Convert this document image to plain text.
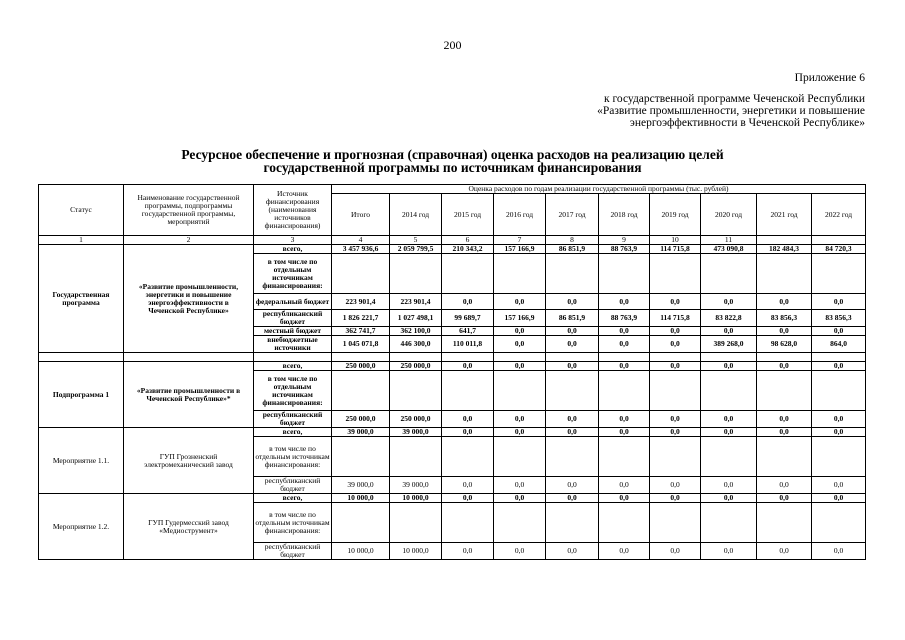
200
Приложение 6
к государственной программе Чеченской Республики
«Развитие промышленности, энергетики и повышение
энергоэффективности в Чеченской Республике»
Ресурсное обеспечение и прогнозная (справочная) оценка расходов на реализацию целей
государственной программы по источникам финансирования
Статус	Наименование государственной программы, подпрограммы государственной программы, мероприятий	Источник финансирования (наименования источников финансирования)	Оценка расходов по годам реализации государственной программы (тыс. рублей)									
			Итого	2014 год	2015 год	2016 год	2017 год	2018 год	2019 год	2020 год	2021 год	2022 год
1	2	3	4	5	6	7	8	9	10	11		
Государственная программа	«Развитие промышленности, энергетики и повышение энергоэффективности в Чеченской Республике»	всего,	3 457 936,6	2 059 799,5	210 343,2	157 166,9	86 851,9	88 763,9	114 715,8	473 090,8	182 484,3	84 720,3
		в том числе по отдельным источникам финансирования:										
		федеральный бюджет	223 901,4	223 901,4	0,0	0,0	0,0	0,0	0,0	0,0	0,0	0,0
		республиканский бюджет	1 826 221,7	1 027 498,1	99 689,7	157 166,9	86 851,9	88 763,9	114 715,8	83 822,8	83 856,3	83 856,3
		местный бюджет	362 741,7	362 100,0	641,7	0,0	0,0	0,0	0,0	0,0	0,0	0,0
		внебюджетные источники	1 045 071,8	446 300,0	110 011,8	0,0	0,0	0,0	0,0	389 268,0	98 628,0	864,0

Подпрограмма 1	«Развитие промышленности в Чеченской Республике»*	всего,	250 000,0	250 000,0	0,0	0,0	0,0	0,0	0,0	0,0	0,0	0,0
		в том числе по отдельным источникам финансирования:										
		республиканский бюджет	250 000,0	250 000,0	0,0	0,0	0,0	0,0	0,0	0,0	0,0	0,0
Мероприятие 1.1.	ГУП Грозненский электромеханический завод	всего,	39 000,0	39 000,0	0,0	0,0	0,0	0,0	0,0	0,0	0,0	0,0
		в том числе по отдельным источникам финансирования:										
		республиканский бюджет	39 000,0	39 000,0	0,0	0,0	0,0	0,0	0,0	0,0	0,0	0,0
Мероприятие 1.2.	ГУП Гудермесский завод «Медиострумент»	всего,	10 000,0	10 000,0	0,0	0,0	0,0	0,0	0,0	0,0	0,0	0,0
		в том числе по отдельным источникам финансирования:										
		республиканский бюджет	10 000,0	10 000,0	0,0	0,0	0,0	0,0	0,0	0,0	0,0	0,0
